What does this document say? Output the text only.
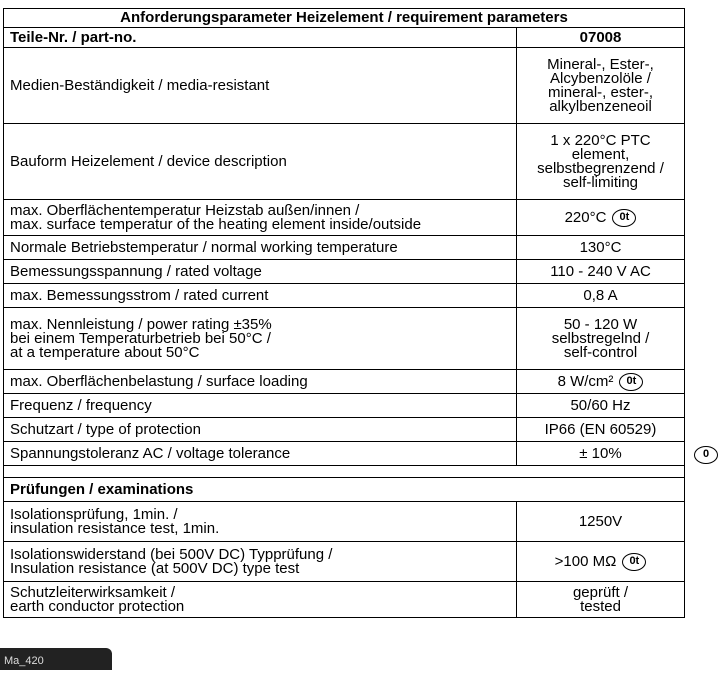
Anforderungsparameter Heizelement / requirement parameters	
Teile-Nr. / part-no.	07008
Medien-Beständigkeit / media-resistant	Mineral-, Ester-,
Alcybenzolöle /
mineral-, ester-,
alkylbenzeneoil
Bauform Heizelement / device description	1 x 220°C PTC
element,
selbstbegrenzend /
self-limiting
max. Oberflächentemperatur Heizstab außen/innen /
max. surface temperatur of the heating element inside/outside	220°C 0t
Normale Betriebstemperatur / normal working temperature	130°C
Bemessungsspannung / rated voltage	110 - 240 V AC
max. Bemessungsstrom / rated current	0,8 A
max. Nennleistung / power rating ±35%
bei einem Temperaturbetrieb bei 50°C /
at a temperature about 50°C	50 - 120 W
selbstregelnd /
self-control
max. Oberflächenbelastung / surface loading	8 W/cm² 0t
Frequenz / frequency	50/60 Hz
Schutzart / type of protection	IP66 (EN 60529)
Spannungstoleranz AC / voltage tolerance	± 10%

Prüfungen / examinations	
Isolationsprüfung, 1min. /
insulation resistance test, 1min.	1250V
Isolationswiderstand (bei 500V DC) Typprüfung /
Insulation resistance (at 500V DC) type test	>100 MΩ 0t
Schutzleiterwirksamkeit /
earth conductor protection	geprüft /
tested
0
Ma_420
